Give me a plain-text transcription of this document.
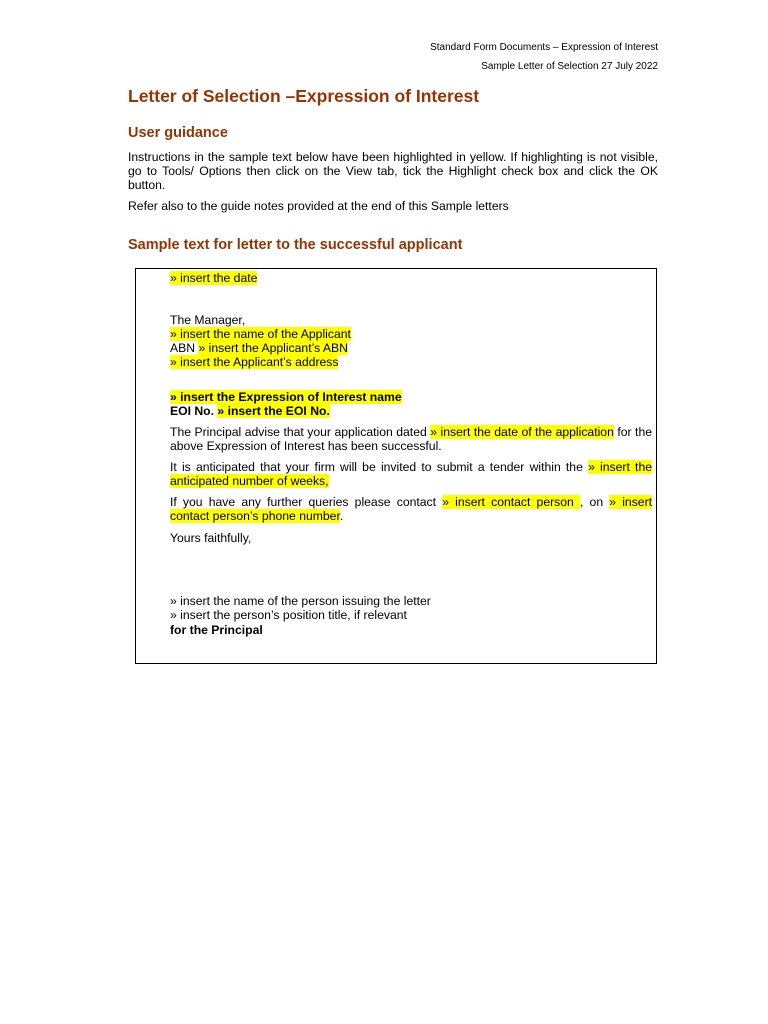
Standard Form Documents – Expression of Interest
Sample Letter of Selection 27 July 2022
Letter of Selection –Expression of Interest
User guidance
Instructions in the sample text below have been highlighted in yellow. If highlighting is not visible, go to Tools/ Options then click on the View tab, tick the Highlight check box and click the OK button.
Refer also to the guide notes provided at the end of this Sample letters
Sample text for letter to the successful applicant
» insert the date
The Manager,
» insert the name of the Applicant
ABN » insert the Applicant’s ABN
» insert the Applicant’s address
» insert the Expression of Interest name
EOI No. » insert the EOI No.
The Principal advise that your application dated » insert the date of the application for the above Expression of Interest has been successful.
It is anticipated that your firm will be invited to submit a tender within the » insert the anticipated number of weeks,
If you have any further queries please contact » insert contact person , on » insert contact person’s phone number.
Yours faithfully,
» insert the name of the person issuing the letter
» insert the person’s position title, if relevant
for the Principal
